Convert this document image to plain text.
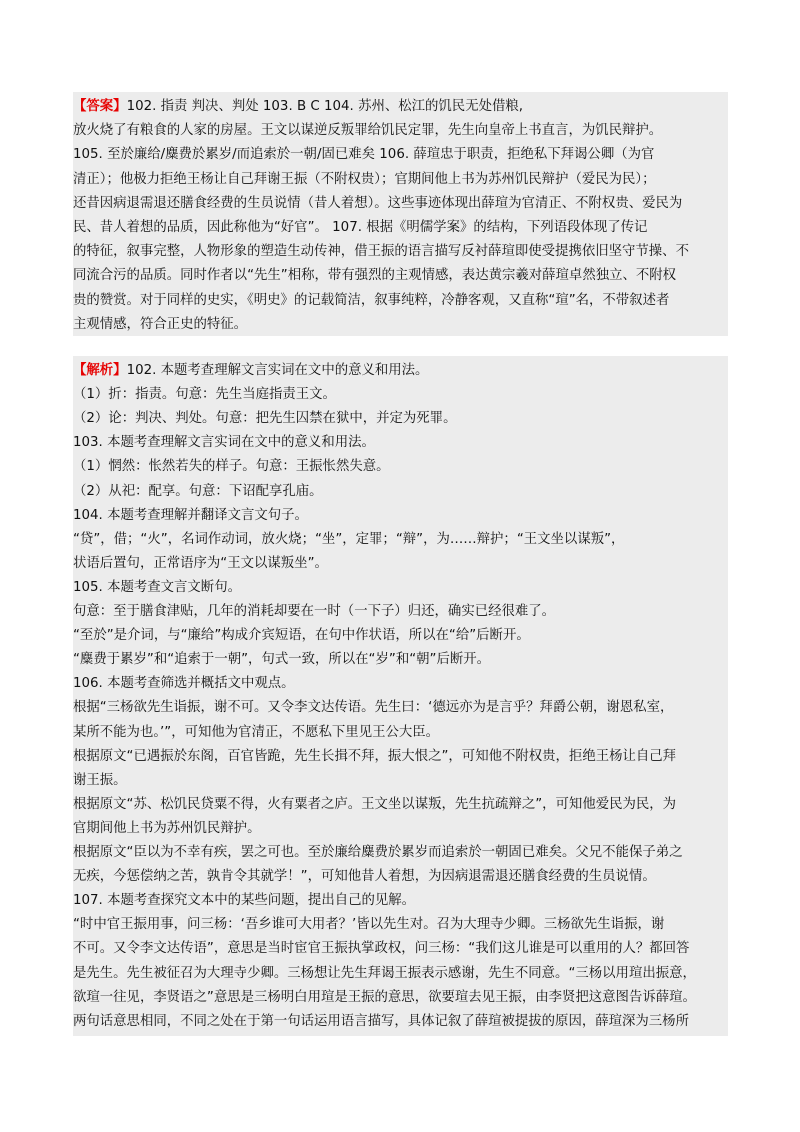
【答案】102. 指责 判决、判处 103. B C 104. 苏州、松江的饥民无处借粮,
放火烧了有粮食的人家的房屋。王文以谋逆反叛罪给饥民定罪，先生向皇帝上书直言，为饥民辩护。
105. 至於廉给/麋费於累岁/而追索於一朝/固已难矣 106. 薛瑄忠于职责，拒绝私下拜谒公卿（为官
清正）；他极力拒绝王杨让自己拜谢王振（不附权贵）；官期间他上书为苏州饥民辩护（爱民为民）；
还昔因病退需退还膳食经费的生员说情（昔人着想）。这些事迹体现出薛瑄为官清正、不附权贵、爱民为
民、昔人着想的品质，因此称他为“好官”。 107. 根据《明儒学案》的结构，下列语段体现了传记
的特征，叙事完整，人物形象的塑造生动传神，借王振的语言描写反衬薛瑄即使受提携依旧坚守节操、不
同流合污的品质。同时作者以“先生”相称，带有强烈的主观情感，表达黄宗羲对薛瑄卓然独立、不附权
贵的赞赏。对于同样的史实，《明史》的记载简洁，叙事纯粹，冷静客观，又直称“瑄”名，不带叙述者
主观情感，符合正史的特征。
【解析】102. 本题考查理解文言实词在文中的意义和用法。
（1）折：指责。句意：先生当庭指责王文。
（2）论：判决、判处。句意：把先生囚禁在狱中，并定为死罪。
103. 本题考查理解文言实词在文中的意义和用法。
（1）惘然：怅然若失的样子。句意：王振怅然失意。
（2）从祀：配享。句意：下诏配享孔庙。
104. 本题考查理解并翻译文言文句子。
“贷”，借；“火”，名词作动词，放火烧；“坐”，定罪；“辩”，为……辩护；“王文坐以谋叛”，
状语后置句，正常语序为“王文以谋叛坐”。
105. 本题考查文言文断句。
句意：至于膳食津贴，几年的消耗却要在一时（一下子）归还，确实已经很难了。
“至於”是介词，与“廉给”构成介宾短语，在句中作状语，所以在“给”后断开。
“麋费于累岁”和“追索于一朝”，句式一致，所以在“岁”和“朝”后断开。
106. 本题考查筛选并概括文中观点。
根据“三杨欲先生诣振，谢不可。又令李文达传语。先生曰：‘德远亦为是言乎？拜爵公朝，谢恩私室，
某所不能为也。’”，可知他为官清正，不愿私下里见王公大臣。
根据原文“已遇振於东阁，百官皆跪，先生长揖不拜，振大恨之”，可知他不附权贵，拒绝王杨让自己拜
谢王振。
根据原文“苏、松饥民贷粟不得，火有粟者之庐。王文坐以谋叛，先生抗疏辩之”，可知他爱民为民，为
官期间他上书为苏州饥民辩护。
根据原文“臣以为不幸有疾，罢之可也。至於廉给麋费於累岁而追索於一朝固已难矣。父兄不能保子弟之
无疾，今惩偿纳之苦，孰肯令其就学！”，可知他昔人着想，为因病退需退还膳食经费的生员说情。
107. 本题考查探究文本中的某些问题，提出自己的见解。
“时中官王振用事，问三杨：‘吾乡谁可大用者？’皆以先生对。召为大理寺少卿。三杨欲先生诣振，谢
不可。又令李文达传语”，意思是当时宦官王振执掌政权，问三杨：“我们这儿谁是可以重用的人？都回答
是先生。先生被征召为大理寺少卿。三杨想让先生拜谒王振表示感谢，先生不同意。“三杨以用瑄出振意，
欲瑄一往见，李贤语之”意思是三杨明白用瑄是王振的意思，欲要瑄去见王振，由李贤把这意图告诉薛瑄。
两句话意思相同，不同之处在于第一句话运用语言描写，具体记叙了薛瑄被提拔的原因，薛瑄深为三杨所
